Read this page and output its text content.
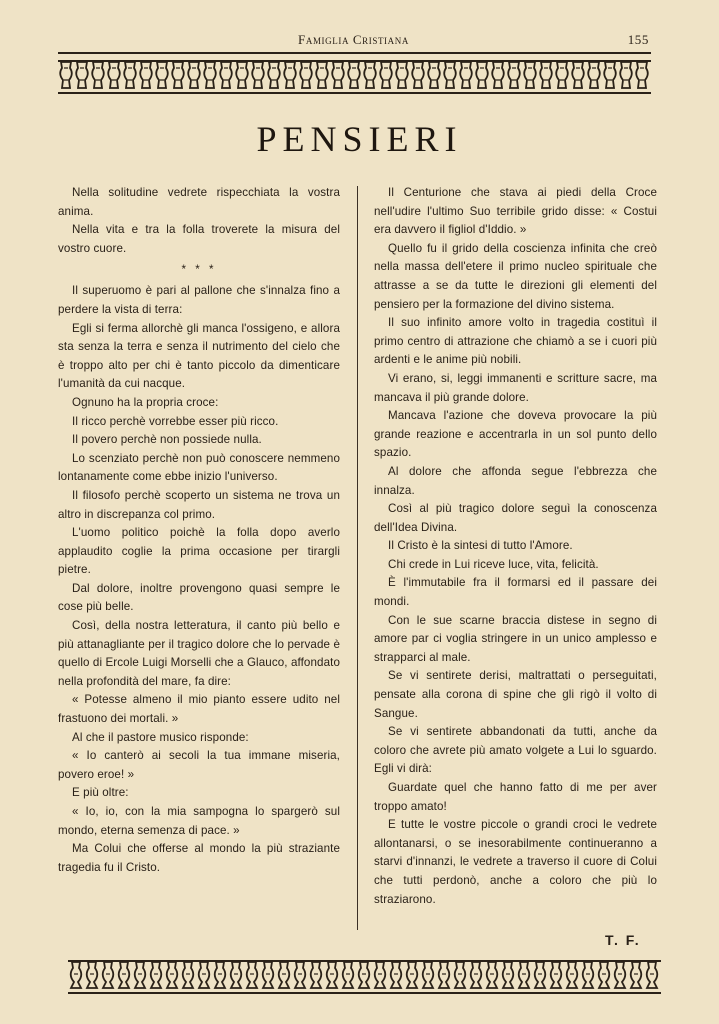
Famiglia Cristiana	155
PENSIERI

Nella solitudine vedrete rispecchiata la vostra anima.

Nella vita e tra la folla troverete la misura del vostro cuore.

* * *

Il superuomo è pari al pallone che s'innalza fino a perdere la vista di terra:

Egli si ferma allorchè gli manca l'ossigeno, e allora sta senza la terra e senza il nutrimento del cielo che è troppo alto per chi è tanto piccolo da dimenticare l'umanità da cui nacque.

Ognuno ha la propria croce:

Il ricco perchè vorrebbe esser più ricco.

Il povero perchè non possiede nulla.

Lo scenziato perchè non può conoscere nemmeno lontanamente come ebbe inizio l'universo.

Il filosofo perchè scoperto un sistema ne trova un altro in discrepanza col primo.

L'uomo politico poichè la folla dopo averlo applaudito coglie la prima occasione per tirargli pietre.

Dal dolore, inoltre provengono quasi sempre le cose più belle.

Così, della nostra letteratura, il canto più bello e più attanagliante per il tragico dolore che lo pervade è quello di Ercole Luigi Morselli che a Glauco, affondato nella profondità del mare, fa dire:

« Potesse almeno il mio pianto essere udito nel frastuono dei mortali. »

Al che il pastore musico risponde:

« Io canterò ai secoli la tua immane miseria, povero eroe! »

E più oltre:

« Io, io, con la mia sampogna lo spargerò sul mondo, eterna semenza di pace. »

Ma Colui che offerse al mondo la più straziante tragedia fu il Cristo.

Il Centurione che stava ai piedi della Croce nell'udire l'ultimo Suo terribile grido disse: « Costui era davvero il figliol d'Iddio. »

Quello fu il grido della coscienza infinita che creò nella massa dell'etere il primo nucleo spirituale che attrasse a se da tutte le direzioni gli elementi del pensiero per la formazione del divino sistema.

Il suo infinito amore volto in tragedia costituì il primo centro di attrazione che chiamò a se i cuori più ardenti e le anime più nobili.

Vi erano, si, leggi immanenti e scritture sacre, ma mancava il più grande dolore.

Mancava l'azione che doveva provocare la più grande reazione e accentrarla in un sol punto dello spazio.

Al dolore che affonda segue l'ebbrezza che innalza.

Così al più tragico dolore seguì la conoscenza dell'Idea Divina.

Il Cristo è la sintesi di tutto l'Amore.

Chi crede in Lui riceve luce, vita, felicità.

È l'immutabile fra il formarsi ed il passare dei mondi.

Con le sue scarne braccia distese in segno di amore par ci voglia stringere in un unico amplesso e strapparci al male.

Se vi sentirete derisi, maltrattati o perseguitati, pensate alla corona di spine che gli rigò il volto di Sangue.

Se vi sentirete abbandonati da tutti, anche da coloro che avrete più amato volgete a Lui lo sguardo. Egli vi dirà:

Guardate quel che hanno fatto di me per aver troppo amato!

E tutte le vostre piccole o grandi croci le vedrete allontanarsi, o se inesorabilmente continueranno a starvi d'innanzi, le vedrete a traverso il cuore di Colui che tutti perdonò, anche a coloro che più lo straziarono.

T. F.
